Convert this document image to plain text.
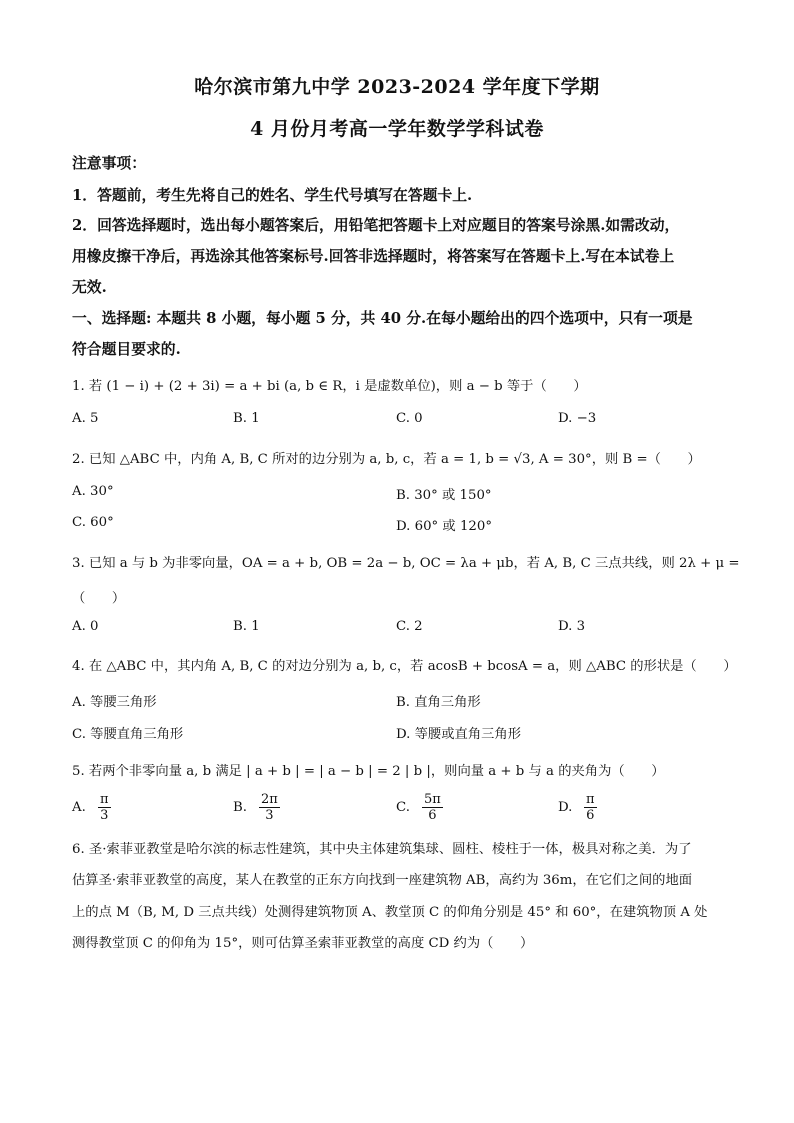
哈尔滨市第九中学 2023-2024 学年度下学期
4 月份月考高一学年数学学科试卷
注意事项：
1．答题前，考生先将自己的姓名、学生代号填写在答题卡上.
2．回答选择题时，选出每小题答案后，用铅笔把答题卡上对应题目的答案号涂黑.如需改动，
用橡皮擦干净后，再选涂其他答案标号.回答非选择题时，将答案写在答题卡上.写在本试卷上
无效.
一、选择题: 本题共 8 小题，每小题 5 分，共 40 分.在每小题给出的四个选项中，只有一项是
符合题目要求的.
1. 若 (1 − i) + (2 + 3i) = a + bi (a, b ∈ R，i 是虚数单位)，则 a − b 等于（　　）
A. 5	B. 1	C. 0	D. −3
2. 已知 △ABC 中，内角 A, B, C 所对的边分别为 a, b, c，若 a = 1, b = √3, A = 30°，则 B =（　　）
A. 30°	B. 30° 或 150°
C. 60°	D. 60° 或 120°
3. 已知 a 与 b 为非零向量，OA = a + b, OB = 2a − b, OC = λa + μb，若 A, B, C 三点共线，则 2λ + μ =
（　　）
A. 0	B. 1	C. 2	D. 3
4. 在 △ABC 中，其内角 A, B, C 的对边分别为 a, b, c，若 acosB + bcosA = a，则 △ABC 的形状是（　　）
A. 等腰三角形	B. 直角三角形
C. 等腰直角三角形	D. 等腰或直角三角形
5. 若两个非零向量 a, b 满足 | a + b | = | a − b | = 2 | b |，则向量 a + b 与 a 的夹角为（　　）
A. $\frac{\pi}{3}$	B. $\frac{2\pi}{3}$	C. $\frac{5\pi}{6}$	D. $\frac{\pi}{6}$
6. 圣·索菲亚教堂是哈尔滨的标志性建筑，其中央主体建筑集球、圆柱、棱柱于一体，极具对称之美．为了
估算圣·索菲亚教堂的高度，某人在教堂的正东方向找到一座建筑物 AB，高约为 36m，在它们之间的地面
上的点 M（B, M, D 三点共线）处测得建筑物顶 A、教堂顶 C 的仰角分别是 45° 和 60°，在建筑物顶 A 处
测得教堂顶 C 的仰角为 15°，则可估算圣索菲亚教堂的高度 CD 约为（　　）
